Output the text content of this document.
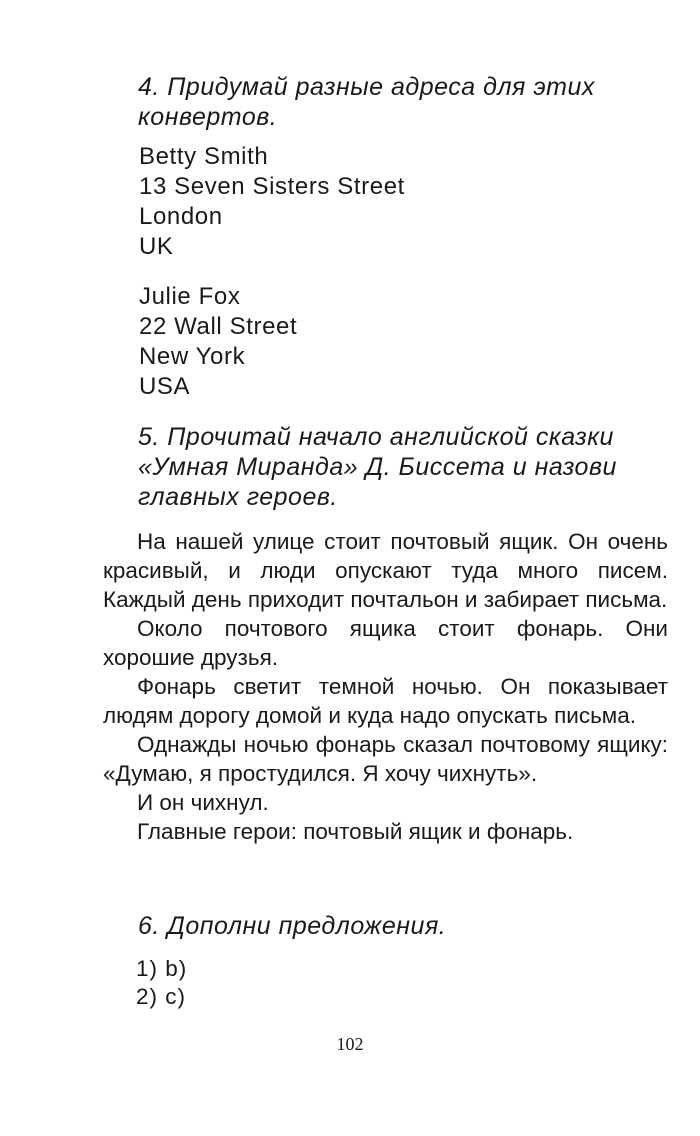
4. Придумай разные адреса для этих конвертов.
Betty Smith
13 Seven Sisters Street
London
UK
Julie Fox
22 Wall Street
New York
USA
5. Прочитай начало английской сказки «Умная Миранда» Д. Биссета и назови главных героев.

На нашей улице стоит почтовый ящик. Он очень красивый, и люди опускают туда много писем. Каждый день приходит почтальон и забирает письма.

Около почтового ящика стоит фонарь. Они хорошие друзья.

Фонарь светит темной ночью. Он показывает людям дорогу домой и куда надо опускать письма.

Однажды ночью фонарь сказал почтовому ящику: «Думаю, я простудился. Я хочу чихнуть».

И он чихнул.

Главные герои: почтовый ящик и фонарь.

6. Дополни предложения.
1) b)
2) c)
102
